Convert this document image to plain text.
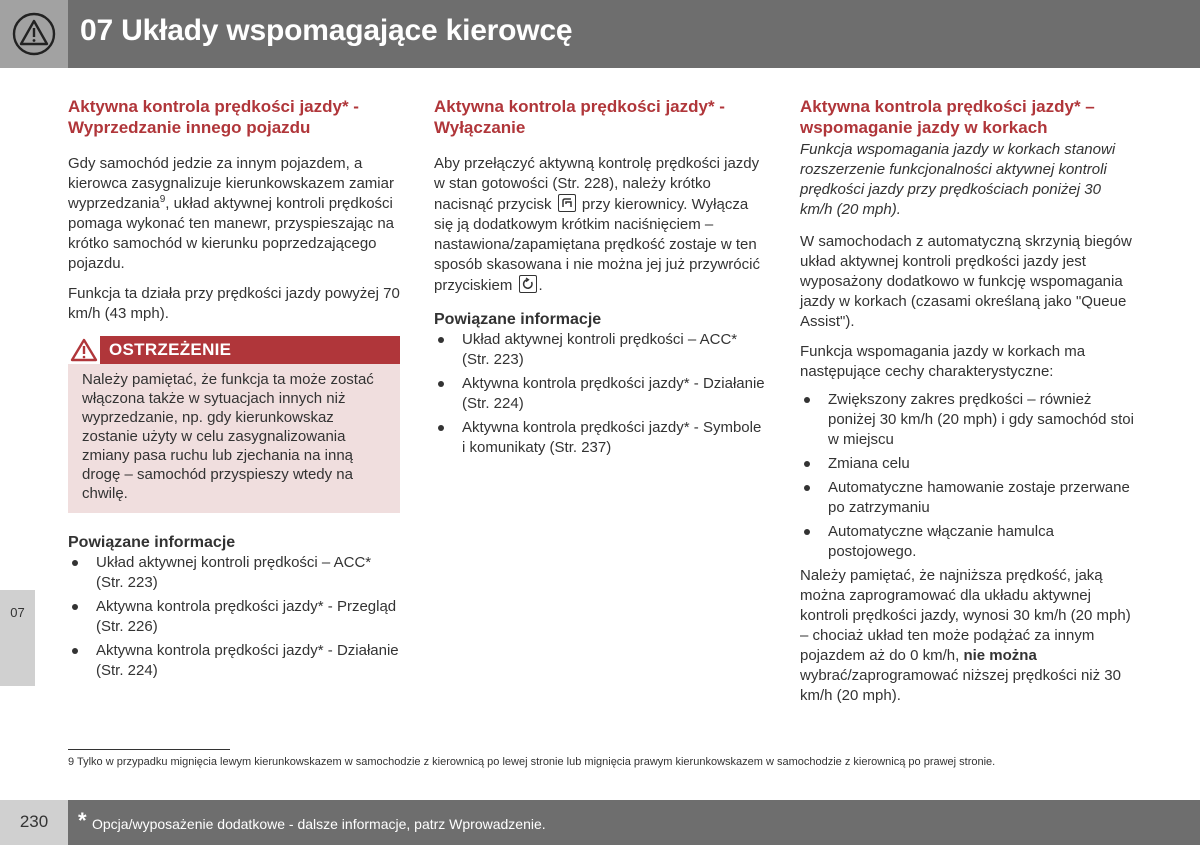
07 Układy wspomagające kierowcę
07
Aktywna kontrola prędkości jazdy* - Wyprzedzanie innego pojazdu

Gdy samochód jedzie za innym pojazdem, a kierowca zasygnalizuje kierunkowskazem zamiar wyprzedzania$^9$, układ aktywnej kontroli prędkości pomaga wykonać ten manewr, przyspieszając na krótko samochód w kierunku poprzedzającego pojazdu.

Funkcja ta działa przy prędkości jazdy powyżej 70 km/h (43 mph).

OSTRZEŻENIE
Należy pamiętać, że funkcja ta może zostać włączona także w sytuacjach innych niż wyprzedzanie, np. gdy kierunkowskaz zostanie użyty w celu zasygnalizowania zmiany pasa ruchu lub zjechania na inną drogę – samochód przyspieszy wtedy na chwilę.
Powiązane informacje
Układ aktywnej kontroli prędkości – ACC* (Str. 223)
Aktywna kontrola prędkości jazdy* - Przegląd (Str. 226)
Aktywna kontrola prędkości jazdy* - Działanie (Str. 224)
Aktywna kontrola prędkości jazdy* - Wyłączanie

Aby przełączyć aktywną kontrolę prędkości jazdy w stan gotowości (Str. 228), należy krótko nacisnąć przycisk przy kierownicy. Wyłącza się ją dodatkowym krótkim naciśnięciem – nastawiona/zapamiętana prędkość zostaje w ten sposób skasowana i nie można jej już przywrócić przyciskiem .

Powiązane informacje
Układ aktywnej kontroli prędkości – ACC* (Str. 223)
Aktywna kontrola prędkości jazdy* - Działanie (Str. 224)
Aktywna kontrola prędkości jazdy* - Symbole i komunikaty (Str. 237)
Aktywna kontrola prędkości jazdy* – wspomaganie jazdy w korkach

Funkcja wspomagania jazdy w korkach stanowi rozszerzenie funkcjonalności aktywnej kontroli prędkości jazdy przy prędkościach poniżej 30 km/h (20 mph).

W samochodach z automatyczną skrzynią biegów układ aktywnej kontroli prędkości jazdy jest wyposażony dodatkowo w funkcję wspomagania jazdy w korkach (czasami określaną jako "Queue Assist").

Funkcja wspomagania jazdy w korkach ma następujące cechy charakterystyczne:

Zwiększony zakres prędkości – również poniżej 30 km/h (20 mph) i gdy samochód stoi w miejscu
Zmiana celu
Automatyczne hamowanie zostaje przerwane po zatrzymaniu
Automatyczne włączanie hamulca postojowego.

Należy pamiętać, że najniższa prędkość, jaką można zaprogramować dla układu aktywnej kontroli prędkości jazdy, wynosi 30 km/h (20 mph) – chociaż układ ten może podążać za innym pojazdem aż do 0 km/h, nie można wybrać/zaprogramować niższej prędkości niż 30 km/h (20 mph).

9 Tylko w przypadku mignięcia lewym kierunkowskazem w samochodzie z kierownicą po lewej stronie lub mignięcia prawym kierunkowskazem w samochodzie z kierownicą po prawej stronie.
230	* Opcja/wyposażenie dodatkowe - dalsze informacje, patrz Wprowadzenie.
